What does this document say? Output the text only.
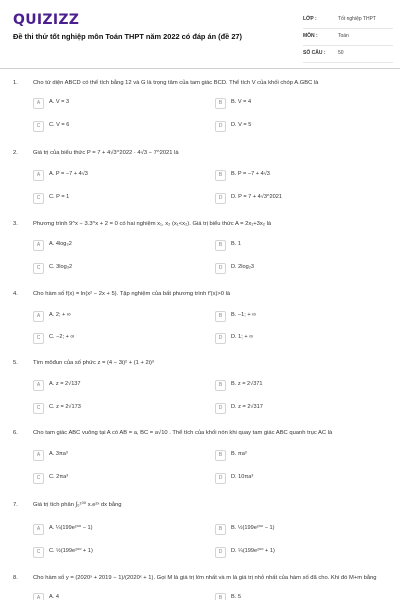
QUIZIZZ
Đề thi thử tốt nghiệp môn Toán THPT năm 2022 có đáp án (đề 27)
LỚP :	Tốt nghiệp THPT
MÔN :	Toán
SỐ CÂU :	50
1.	Cho tứ diện ABCD có thể tích bằng 12 và G là trọng tâm của tam giác BCD. Thể tích V của khối chóp A.GBC là
A	A. V = 3	B	B. V = 4
C	C. V = 6	D	D. V = 5
2.	Giá trị của biểu thức P = 7 + 4√3^2022 · 4√3 − 7^2021 là
A	A. P = −7 + 4√3	B	B. P = −7 + 4√3
C	C. P = 1	D	D. P = 7 + 4√3^2021
3.	Phương trình 9^x − 3.3^x + 2 = 0 có hai nghiệm x₁, x₂ (x₁<x₂). Giá trị biểu thức A = 2x₁+3x₂ là
A	A. 4log₃2	B	B. 1
C	C. 3log₃2	D	D. 2log₂3
4.	Cho hàm số f(x) = ln(x² − 2x + 5). Tập nghiệm của bất phương trình f′(x)>0 là
A	A. 2; + ∞	B	B. −1; + ∞
C	C. −2; + ∞	D	D. 1; + ∞
5.	Tìm môđun của số phức z = (4 − 3i)² + (1 + 2i)³
A	A. z = 2√137	B	B. z = 2√371
C	C. z = 2√173	D	D. z = 2√317
6.	Cho tam giác ABC vuông tại A có AB = a, BC = a√10 . Thể tích của khối nón khi quay tam giác ABC quanh trục AC là
A	A. 3πa³	B	B. πa³
C	C. 2πa³	D	D. 10πa³
7.	Giá trị tích phân ∫₀¹⁰⁰ x.e²ˣ dx bằng
A	A. ¼(199e²⁰⁰ − 1)	B	B. ½(199e²⁰⁰ − 1)
C	C. ½(199e²⁰⁰ + 1)	D	D. ¼(199e²⁰⁰ + 1)
8.	Cho hàm số y = (2020ˣ + 2019 − 1)/(2020ˣ + 1). Gọi M là giá trị lớn nhất và m là giá trị nhỏ nhất của hàm số đã cho. Khi đó M+m bằng
A	A. 4	B	B. 5
